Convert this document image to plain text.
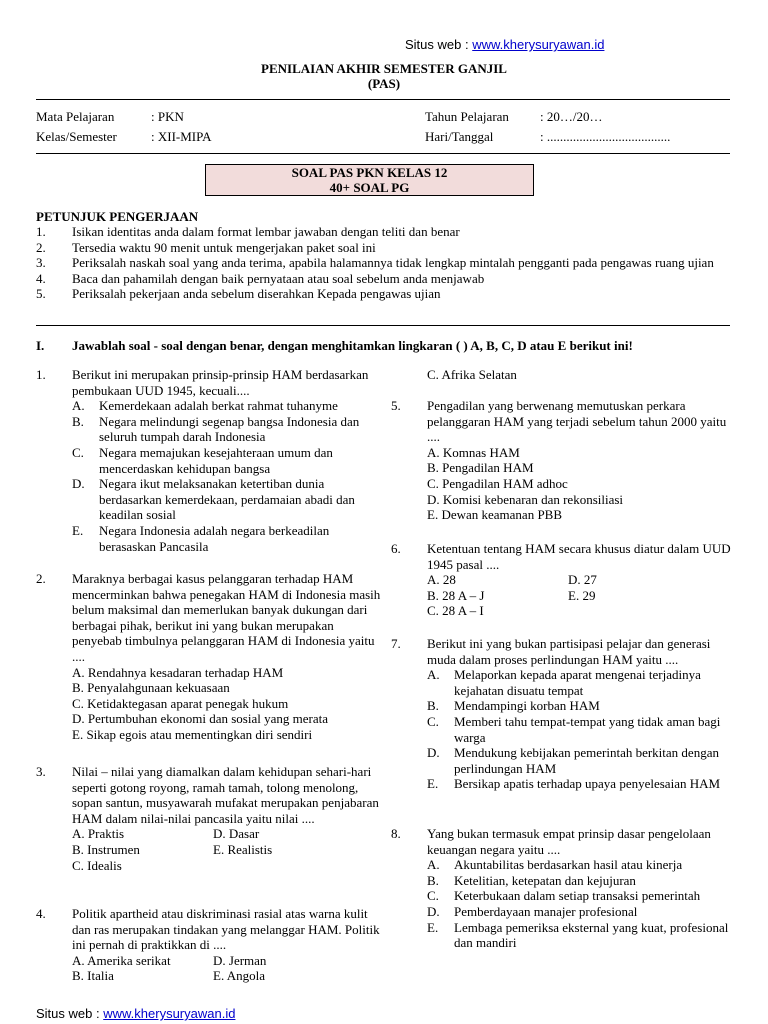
Situs web : www.kherysuryawan.id
PENILAIAN AKHIR SEMESTER GANJIL
(PAS)
Mata Pelajaran	: PKN	Tahun Pelajaran : 20…/20…
Kelas/Semester	: XII-MIPA	Hari/Tanggal	: ......................................
SOAL PAS PKN KELAS 12
40+ SOAL PG
PETUNJUK PENGERJAAN
1. Isikan identitas anda dalam format lembar jawaban dengan teliti dan benar
2. Tersedia waktu 90 menit untuk mengerjakan paket soal ini
3. Periksalah naskah soal yang anda terima, apabila halamannya tidak lengkap mintalah pengganti pada pengawas ruang ujian
4. Baca dan pahamilah dengan baik pernyataan atau soal sebelum anda menjawab
5. Periksalah pekerjaan anda sebelum diserahkan Kepada pengawas ujian
I. Jawablah soal - soal dengan benar, dengan menghitamkan lingkaran ( ) A, B, C, D atau E berikut ini!
1. Berikut ini merupakan prinsip-prinsip HAM berdasarkan pembukaan UUD 1945, kecuali....
A. Kemerdekaan adalah berkat rahmat tuhanyme
B. Negara melindungi segenap bangsa Indonesia dan seluruh tumpah darah Indonesia
C. Negara memajukan kesejahteraan umum dan mencerdaskan kehidupan bangsa
D. Negara ikut melaksanakan ketertiban dunia berdasarkan kemerdekaan, perdamaian abadi dan keadilan sosial
E. Negara Indonesia adalah negara berkeadilan berasaskan Pancasila
2. Maraknya berbagai kasus pelanggaran terhadap HAM mencerminkan bahwa penegakan HAM di Indonesia masih belum maksimal dan memerlukan banyak dukungan dari berbagai pihak, berikut ini yang bukan merupakan penyebab timbulnya pelanggaran HAM di Indonesia yaitu ....
A. Rendahnya kesadaran terhadap HAM
B. Penyalahgunaan kekuasaan
C. Ketidaktegasan aparat penegak hukum
D. Pertumbuhan ekonomi dan sosial yang merata
E. Sikap egois atau mementingkan diri sendiri
3. Nilai – nilai yang diamalkan dalam kehidupan sehari-hari seperti gotong royong, ramah tamah, tolong menolong, sopan santun, musyawarah mufakat merupakan penjabaran HAM dalam nilai-nilai pancasila yaitu nilai ....
A. Praktis	D. Dasar
B. Instrumen	E. Realistis
C. Idealis
4. Politik apartheid atau diskriminasi rasial atas warna kulit dan ras merupakan tindakan yang melanggar HAM. Politik ini pernah di praktikkan di ....
A. Amerika serikat	D. Jerman
B. Italia	E. Angola
C. Afrika Selatan
5. Pengadilan yang berwenang memutuskan perkara pelanggaran HAM yang terjadi sebelum tahun 2000 yaitu ....
A. Komnas HAM
B. Pengadilan HAM
C. Pengadilan HAM adhoc
D. Komisi kebenaran dan rekonsiliasi
E. Dewan keamanan PBB
6. Ketentuan tentang HAM secara khusus diatur dalam UUD 1945 pasal ....
A. 28	D. 27
B. 28 A – J	E. 29
C. 28 A – I
7. Berikut ini yang bukan partisipasi pelajar dan generasi muda dalam proses perlindungan HAM yaitu ....
A. Melaporkan kepada aparat mengenai terjadinya kejahatan disuatu tempat
B. Mendampingi korban HAM
C. Memberi tahu tempat-tempat yang tidak aman bagi warga
D. Mendukung kebijakan pemerintah berkitan dengan perlindungan HAM
E. Bersikap apatis terhadap upaya penyelesaian HAM
8. Yang bukan termasuk empat prinsip dasar pengelolaan keuangan negara yaitu ....
A. Akuntabilitas berdasarkan hasil atau kinerja
B. Ketelitian, ketepatan dan kejujuran
C. Keterbukaan dalam setiap transaksi pemerintah
D. Pemberdayaan manajer profesional
E. Lembaga pemeriksa eksternal yang kuat, profesional dan mandiri
Situs web : www.kherysuryawan.id
